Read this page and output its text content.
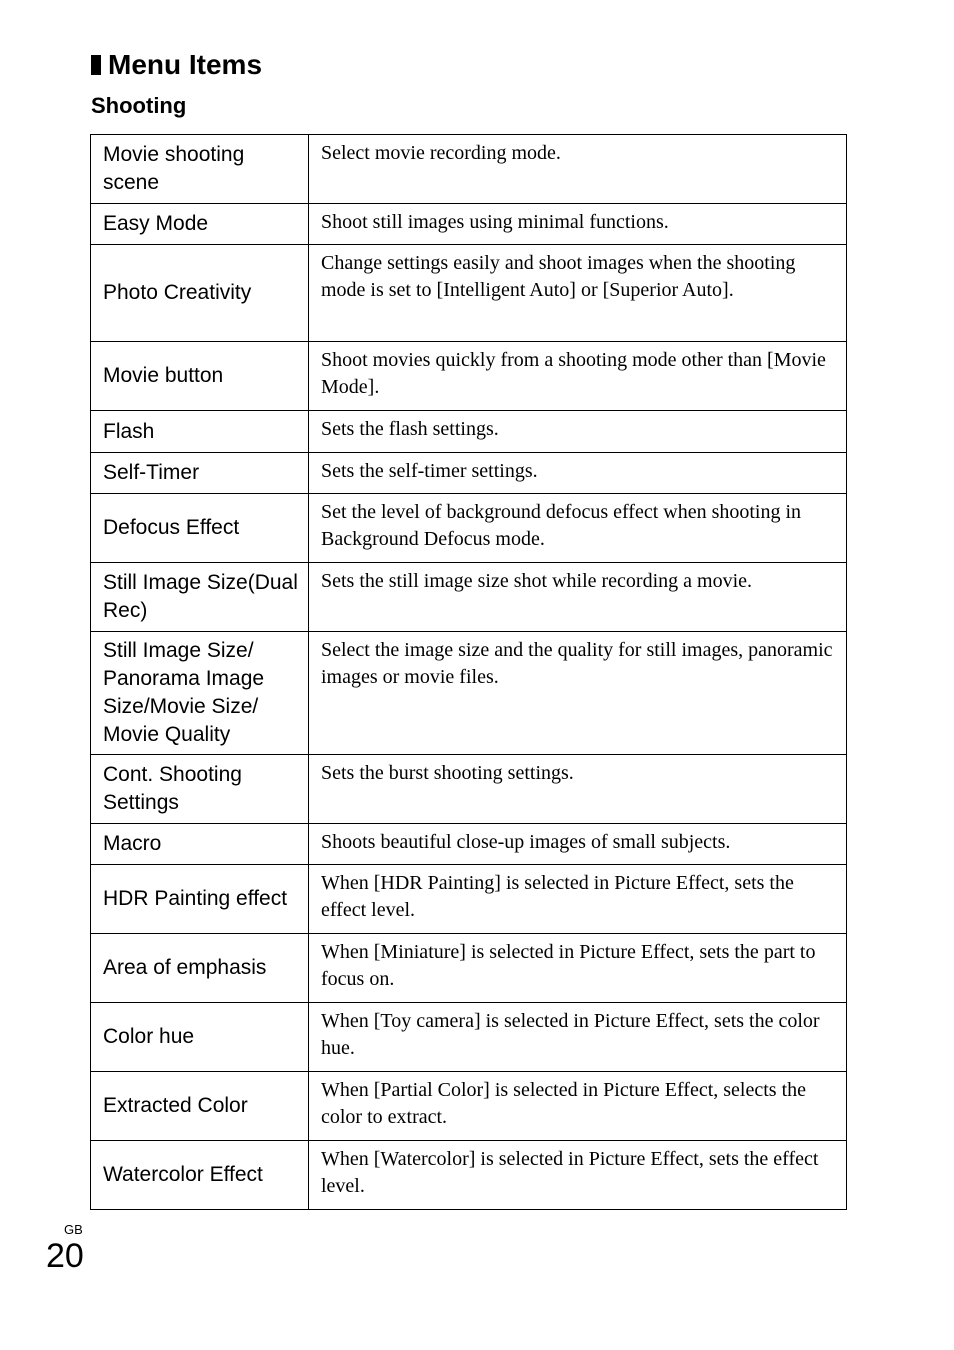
Menu Items
Shooting
Movie shooting scene	Select movie recording mode.
Easy Mode	Shoot still images using minimal functions.
Photo Creativity	Change settings easily and shoot images when the shooting mode is set to [Intelligent Auto] or [Superior Auto].
Movie button	Shoot movies quickly from a shooting mode other than [Movie Mode].
Flash	Sets the flash settings.
Self-Timer	Sets the self-timer settings.
Defocus Effect	Set the level of background defocus effect when shooting in Background Defocus mode.
Still Image Size(Dual Rec)	Sets the still image size shot while recording a movie.
Still Image Size/ Panorama Image Size/Movie Size/ Movie Quality	Select the image size and the quality for still images, panoramic images or movie files.
Cont. Shooting Settings	Sets the burst shooting settings.
Macro	Shoots beautiful close-up images of small subjects.
HDR Painting effect	When [HDR Painting] is selected in Picture Effect, sets the effect level.
Area of emphasis	When [Miniature] is selected in Picture Effect, sets the part to focus on.
Color hue	When [Toy camera] is selected in Picture Effect, sets the color hue.
Extracted Color	When [Partial Color] is selected in Picture Effect, selects the color to extract.
Watercolor Effect	When [Watercolor] is selected in Picture Effect, sets the effect level.
GB
20
